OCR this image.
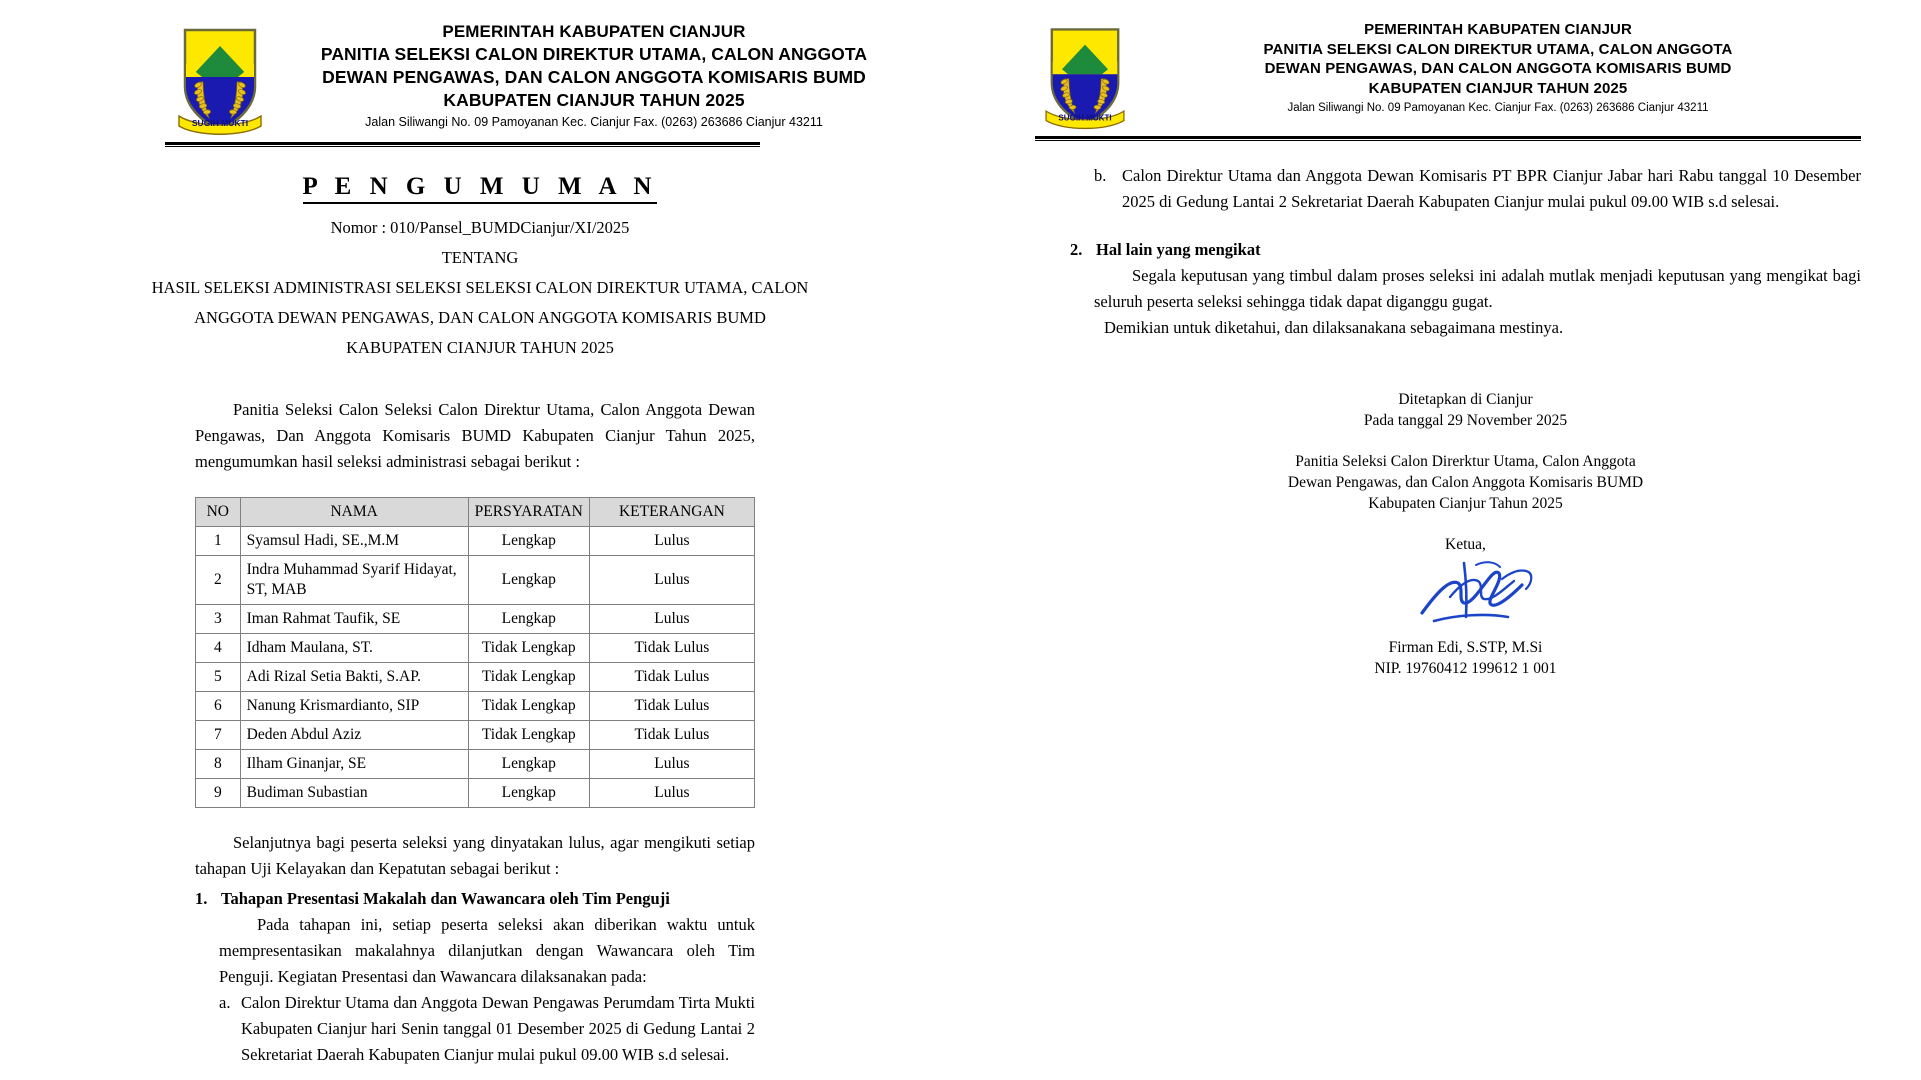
SUGIH MUKTI
PEMERINTAH KABUPATEN CIANJUR
PANITIA SELEKSI CALON DIREKTUR UTAMA, CALON ANGGOTA
DEWAN PENGAWAS, DAN CALON ANGGOTA KOMISARIS BUMD
KABUPATEN CIANJUR TAHUN 2025
Jalan Siliwangi No. 09 Pamoyanan Kec. Cianjur Fax. (0263) 263686 Cianjur 43211
P E N G U M U M A N
Nomor : 010/Pansel_BUMDCianjur/XI/2025
TENTANG
HASIL SELEKSI ADMINISTRASI SELEKSI SELEKSI CALON DIREKTUR UTAMA, CALON
ANGGOTA DEWAN PENGAWAS, DAN CALON ANGGOTA KOMISARIS BUMD
KABUPATEN CIANJUR TAHUN 2025
Panitia Seleksi Calon Seleksi Calon Direktur Utama, Calon Anggota Dewan Pengawas, Dan Anggota Komisaris BUMD Kabupaten Cianjur Tahun 2025, mengumumkan hasil seleksi administrasi sebagai berikut :
NO	NAMA	PERSYARATAN	KETERANGAN
1	Syamsul Hadi, SE.,M.M	Lengkap	Lulus
2	Indra Muhammad Syarif Hidayat, ST, MAB	Lengkap	Lulus
3	Iman Rahmat Taufik, SE	Lengkap	Lulus
4	Idham Maulana, ST.	Tidak Lengkap	Tidak Lulus
5	Adi Rizal Setia Bakti, S.AP.	Tidak Lengkap	Tidak Lulus
6	Nanung Krismardianto, SIP	Tidak Lengkap	Tidak Lulus
7	Deden Abdul Aziz	Tidak Lengkap	Tidak Lulus
8	Ilham Ginanjar, SE	Lengkap	Lulus
9	Budiman Subastian	Lengkap	Lulus
Selanjutnya bagi peserta seleksi yang dinyatakan lulus, agar mengikuti setiap tahapan Uji Kelayakan dan Kepatutan sebagai berikut :
1. Tahapan Presentasi Makalah dan Wawancara oleh Tim Penguji
Pada tahapan ini, setiap peserta seleksi akan diberikan waktu untuk mempresentasikan makalahnya dilanjutkan dengan Wawancara oleh Tim Penguji. Kegiatan Presentasi dan Wawancara dilaksanakan pada:
a. Calon Direktur Utama dan Anggota Dewan Pengawas Perumdam Tirta Mukti Kabupaten Cianjur hari Senin tanggal 01 Desember 2025 di Gedung Lantai 2 Sekretariat Daerah Kabupaten Cianjur mulai pukul 09.00 WIB s.d selesai.
SUGIH MUKTI
PEMERINTAH KABUPATEN CIANJUR
PANITIA SELEKSI CALON DIREKTUR UTAMA, CALON ANGGOTA
DEWAN PENGAWAS, DAN CALON ANGGOTA KOMISARIS BUMD
KABUPATEN CIANJUR TAHUN 2025
Jalan Siliwangi No. 09 Pamoyanan Kec. Cianjur Fax. (0263) 263686 Cianjur 43211
b. Calon Direktur Utama dan Anggota Dewan Komisaris PT BPR Cianjur Jabar hari Rabu tanggal 10 Desember 2025 di Gedung Lantai 2 Sekretariat Daerah Kabupaten Cianjur mulai pukul 09.00 WIB s.d selesai.
2. Hal lain yang mengikat
Segala keputusan yang timbul dalam proses seleksi ini adalah mutlak menjadi keputusan yang mengikat bagi seluruh peserta seleksi sehingga tidak dapat diganggu gugat.
Demikian untuk diketahui, dan dilaksanakana sebagaimana mestinya.
Ditetapkan di Cianjur
Pada tanggal 29 November 2025
Panitia Seleksi Calon Direrktur Utama, Calon Anggota
Dewan Pengawas, dan Calon Anggota Komisaris BUMD
Kabupaten Cianjur Tahun 2025
Ketua,
Firman Edi, S.STP, M.Si
NIP. 19760412 199612 1 001
